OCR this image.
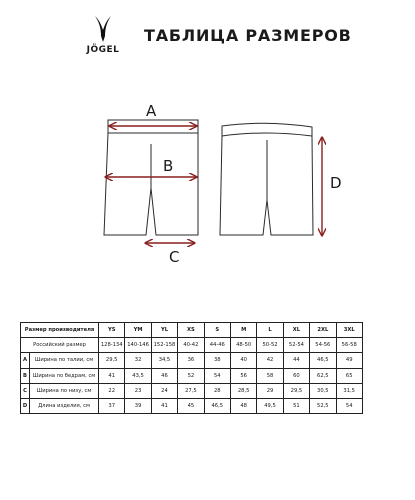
JÖGEL
ТАБЛИЦА РАЗМЕРОВ
A
B
C
D
Размер производителя		YS	YM	YL	XS	S	M	L	XL	2XL	3XL
Российский размер		128-134	140-146	152-158	40-42	44-46	48-50	50-52	52-54	54-56	56-58
A	Ширина по талии, см	29,5	32	34,5	36	38	40	42	44	46,5	49
B	Ширина по бедрам, см	41	43,5	46	52	54	56	58	60	62,5	65
C	Ширина по низу, см	22	23	24	27,5	28	28,5	29	29,5	30,5	31,5
D	Длина изделия, см	37	39	41	45	46,5	48	49,5	51	52,5	54
